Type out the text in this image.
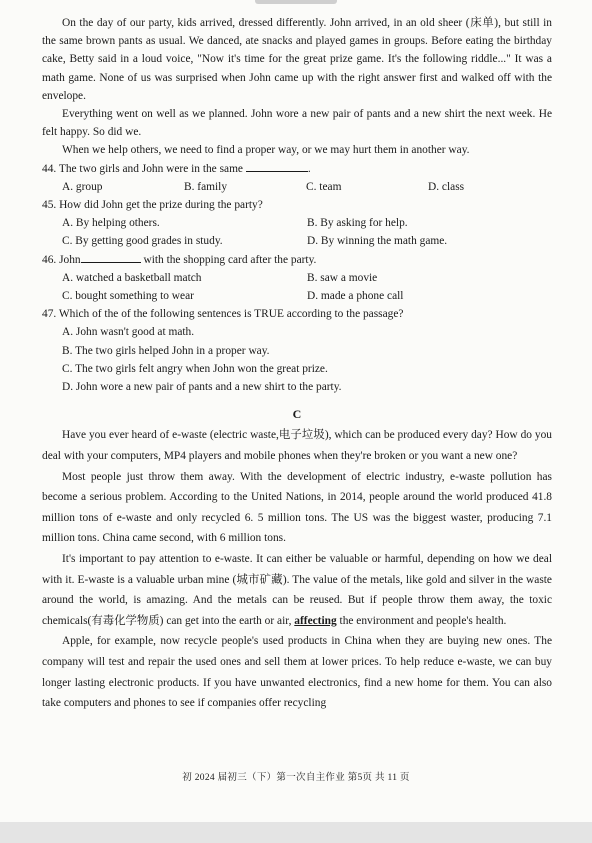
On the day of our party, kids arrived, dressed differently. John arrived, in an old sheer (床单), but still in the same brown pants as usual. We danced, ate snacks and played games in groups. Before eating the birthday cake, Betty said in a loud voice, "Now it's time for the great prize game. It's the following riddle..." It was a math game. None of us was surprised when John came up with the right answer first and walked off with the envelope.

Everything went on well as we planned. John wore a new pair of pants and a new shirt the next week. He felt happy. So did we.

When we help others, we need to find a proper way, or we may hurt them in another way.

44. The two girls and John were in the same	.

A. group	B. family	C. team	D. class

45. How did John get the prize during the party?

A. By helping others.	B. By asking for help.
C. By getting good grades in study.	D. By winning the math game.

46. John	with the shopping card after the party.

A. watched a basketball match	B. saw a movie
C. bought something to wear	D. made a phone call

47. Which of the of the following sentences is TRUE according to the passage?

A. John wasn't good at math.

B. The two girls helped John in a proper way.

C. The two girls felt angry when John won the great prize.

D. John wore a new pair of pants and a new shirt to the party.

C

Have you ever heard of e-waste (electric waste,电子垃圾), which can be produced every day? How do you deal with your computers, MP4 players and mobile phones when they're broken or you want a new one?

Most people just throw them away. With the development of electric industry, e-waste pollution has become a serious problem. According to the United Nations, in 2014, people around the world produced 41.8 million tons of e-waste and only recycled 6. 5 million tons. The US was the biggest waster, producing 7.1 million tons. China came second, with 6 million tons.

It's important to pay attention to e-waste. It can either be valuable or harmful, depending on how we deal with it. E-waste is a valuable urban mine (城市矿藏). The value of the metals, like gold and silver in the waste around the world, is amazing. And the metals can be reused. But if people throw them away, the toxic chemicals(有毒化学物质) can get into the earth or air, affecting the environment and people's health.

Apple, for example, now recycle people's used products in China when they are buying new ones. The company will test and repair the used ones and sell them at lower prices. To help reduce e-waste, we can buy longer lasting electronic products. If you have unwanted electronics, find a new home for them. You can also take computers and phones to see if companies offer recycling

初 2024 届初三（下）第一次自主作业 第5页 共 11 页
